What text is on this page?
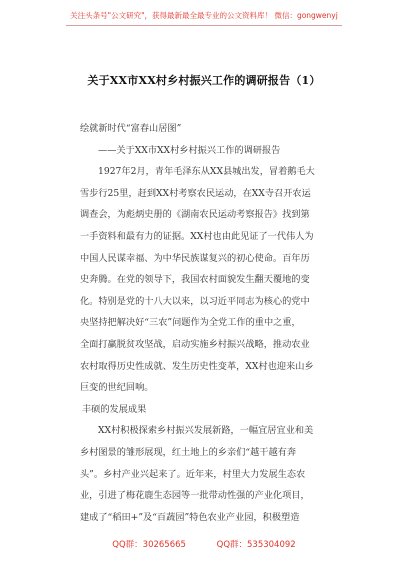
关注头条号"公文研究"，获得最新最全最专业的公文资料库！ 微信：gongwenyj
关于XX市XX村乡村振兴工作的调研报告（1）
绘就新时代“富春山居图”
——关于XX市XX村乡村振兴工作的调研报告
1927年2月，青年毛泽东从XX县城出发，冒着鹅毛大
雪步行25里，赶到XX村考察农民运动，在XX寺召开农运
调查会，为彪炳史册的《湖南农民运动考察报告》找到第
一手资料和最有力的证据。XX村也由此见证了一代伟人为
中国人民谋幸福、为中华民族谋复兴的初心使命。百年历
史奔腾。在党的领导下，我国农村面貌发生翻天覆地的变
化。特别是党的十八大以来，以习近平同志为核心的党中
央坚持把解决好“三农”问题作为全党工作的重中之重，
全面打赢脱贫攻坚战，启动实施乡村振兴战略，推动农业
农村取得历史性成就、发生历史性变革，XX村也迎来山乡
巨变的世纪回响。
丰硕的发展成果
XX村积极探索乡村振兴发展新路，一幅宜居宜业和美
乡村图景的雏形展现，红土地上的乡亲们“越干越有奔
头”。乡村产业兴起来了。近年来，村里大力发展生态农
业，引进了梅花鹿生态园等一批带动性强的产业化项目，
建成了“稻田+”及“百蔬园”特色农业产业园，积极塑造
QQ群：30265665	QQ群：535304092
